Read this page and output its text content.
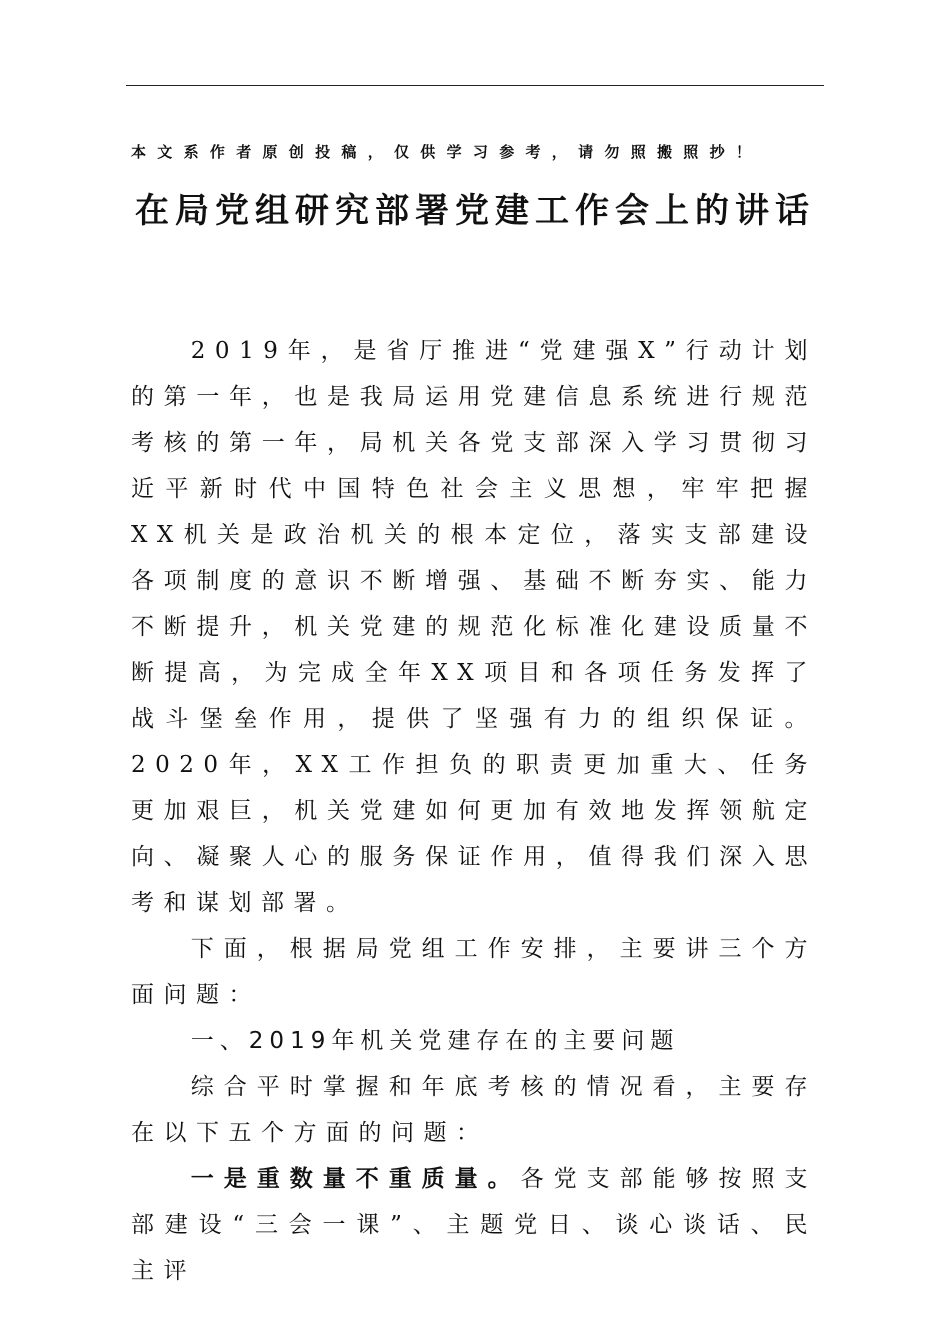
本文系作者原创投稿，仅供学习参考，请勿照搬照抄！
在局党组研究部署党建工作会上的讲话

2019年，是省厅推进“党建强X”行动计划的第一年，也是我局运用党建信息系统进行规范考核的第一年，局机关各党支部深入学习贯彻习近平新时代中国特色社会主义思想，牢牢把握XX机关是政治机关的根本定位，落实支部建设各项制度的意识不断增强、基础不断夯实、能力不断提升，机关党建的规范化标准化建设质量不断提高，为完成全年XX项目和各项任务发挥了战斗堡垒作用，提供了坚强有力的组织保证。2020年，XX工作担负的职责更加重大、任务更加艰巨，机关党建如何更加有效地发挥领航定向、凝聚人心的服务保证作用，值得我们深入思考和谋划部署。

下面，根据局党组工作安排，主要讲三个方面问题：

一、2019年机关党建存在的主要问题

综合平时掌握和年底考核的情况看，主要存在以下五个方面的问题：

一是重数量不重质量。各党支部能够按照支部建设“三会一课”、主题党日、谈心谈话、民主评
